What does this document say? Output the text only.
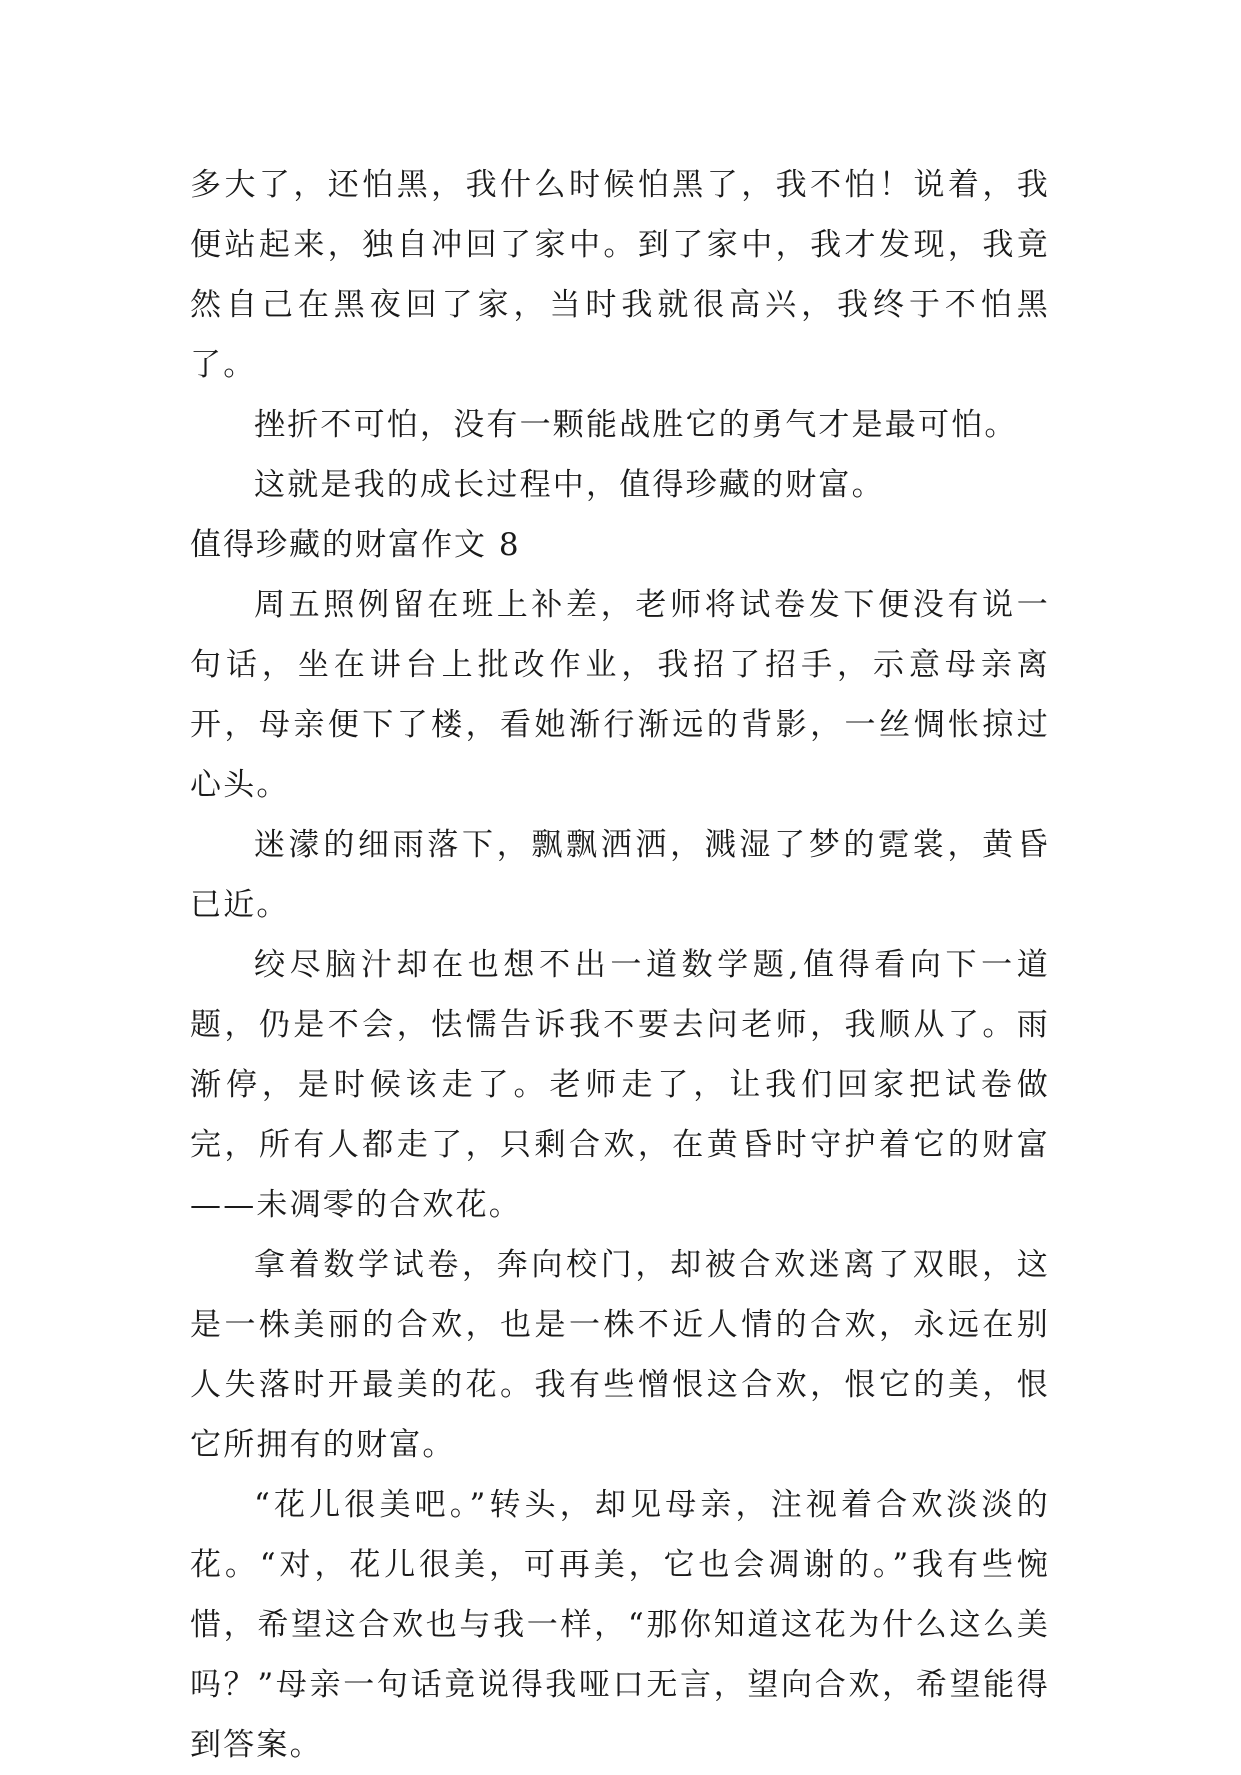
多大了，还怕黑，我什么时候怕黑了，我不怕！说着，我便站起来，独自冲回了家中。到了家中，我才发现，我竟然自己在黑夜回了家，当时我就很高兴，我终于不怕黑了。

挫折不可怕，没有一颗能战胜它的勇气才是最可怕。

这就是我的成长过程中，值得珍藏的财富。

值得珍藏的财富作文 8

周五照例留在班上补差，老师将试卷发下便没有说一句话，坐在讲台上批改作业，我招了招手，示意母亲离开，母亲便下了楼，看她渐行渐远的背影，一丝惆怅掠过心头。

迷濛的细雨落下，飘飘洒洒，溅湿了梦的霓裳，黄昏已近。

绞尽脑汁却在也想不出一道数学题,值得看向下一道题，仍是不会，怯懦告诉我不要去问老师，我顺从了。雨渐停，是时候该走了。老师走了，让我们回家把试卷做完，所有人都走了，只剩合欢，在黄昏时守护着它的财富——未凋零的合欢花。

拿着数学试卷，奔向校门，却被合欢迷离了双眼，这是一株美丽的合欢，也是一株不近人情的合欢，永远在别人失落时开最美的花。我有些憎恨这合欢，恨它的美，恨它所拥有的财富。

“花儿很美吧。”转头，却见母亲，注视着合欢淡淡的花。“对，花儿很美，可再美，它也会凋谢的。”我有些惋惜，希望这合欢也与我一样，“那你知道这花为什么这么美吗？”母亲一句话竟说得我哑口无言，望向合欢，希望能得到答案。
